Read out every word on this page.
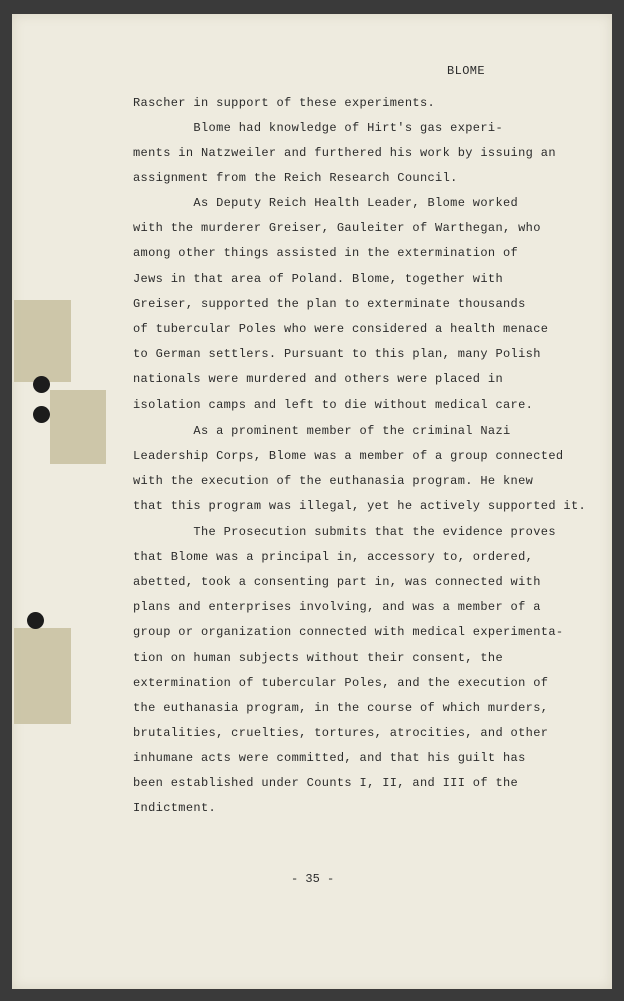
BLOME

Rascher in support of these experiments.

Blome had knowledge of Hirt's gas experi-

ments in Natzweiler and furthered his work by issuing an

assignment from the Reich Research Council.

As Deputy Reich Health Leader, Blome worked

with the murderer Greiser, Gauleiter of Warthegan, who

among other things assisted in the extermination of

Jews in that area of Poland. Blome, together with

Greiser, supported the plan to exterminate thousands

of tubercular Poles who were considered a health menace

to German settlers. Pursuant to this plan, many Polish

nationals were murdered and others were placed in

isolation camps and left to die without medical care.

As a prominent member of the criminal Nazi

Leadership Corps, Blome was a member of a group connected

with the execution of the euthanasia program. He knew

that this program was illegal, yet he actively supported it.

The Prosecution submits that the evidence proves

that Blome was a principal in, accessory to, ordered,

abetted, took a consenting part in, was connected with

plans and enterprises involving, and was a member of a

group or organization connected with medical experimenta-

tion on human subjects without their consent, the

extermination of tubercular Poles, and the execution of

the euthanasia program, in the course of which murders,

brutalities, cruelties, tortures, atrocities, and other

inhumane acts were committed, and that his guilt has

been established under Counts I, II, and III of the

Indictment.

- 35 -
